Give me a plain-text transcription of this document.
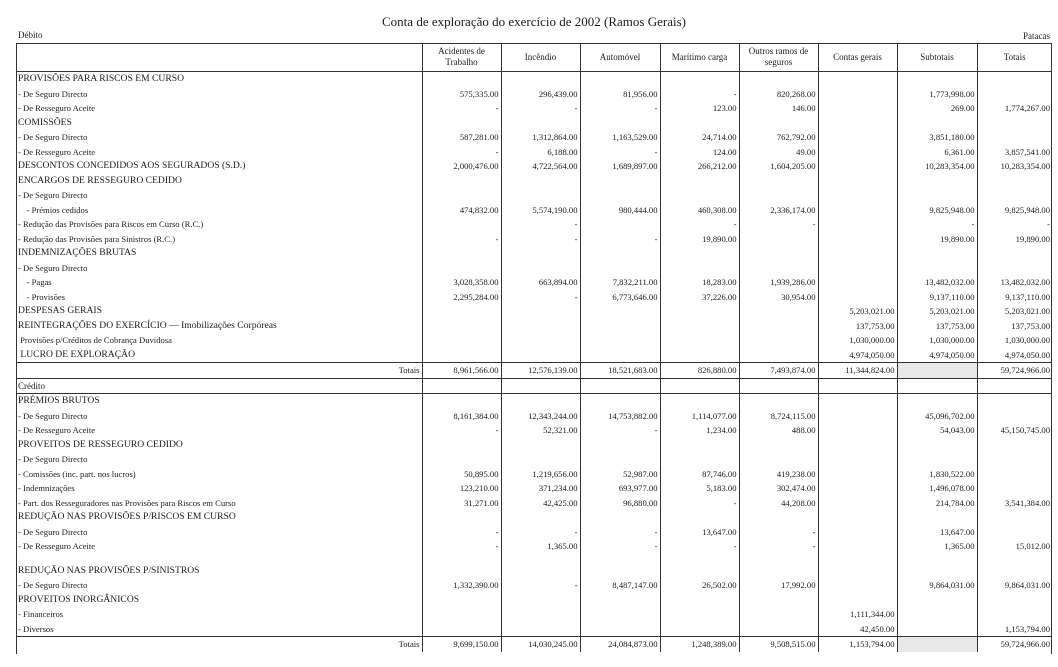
Conta de exploração do exercício de 2002 (Ramos Gerais)
Débito	Patacas
	Acidentes de Trabalho	Incêndio	Automóvel	Marítimo carga	Outros ramos de seguros	Contas gerais	Subtotais	Totais
PROVISÕES PARA RISCOS EM CURSO								
- De Seguro Directo	575,335.00	296,439.00	81,956.00	-	820,268.00		1,773,998.00	
- De Resseguro Aceite	-	-	-	123.00	146.00		269.00	1,774,267.00
COMISSÕES								
- De Seguro Directo	587,281.00	1,312,864.00	1,163,529.00	24,714.00	762,792.00		3,851,180.00	
- De Resseguro Aceite	-	6,188.00	-	124.00	49.00		6,361.00	3,857,541.00
DESCONTOS CONCEDIDOS AOS SEGURADOS (S.D.)	2,000,476.00	4,722,564.00	1,689,897.00	266,212.00	1,604,205.00		10,283,354.00	10,283,354.00
ENCARGOS DE RESSEGURO CEDIDO								
- De Seguro Directo								
- Prémios cedidos	474,832.00	5,574,190.00	980,444.00	460,308.00	2,336,174.00		9,825,948.00	9,825,948.00
- Redução das Provisões para Riscos em Curso (R.C.)		-		-	-		-	-
- Redução das Provisões para Sinistros (R.C.)	-	-	-	19,890.00			19,890.00	19,890.00
INDEMNIZAÇÕES BRUTAS								
- De Seguro Directo								
- Pagas	3,028,358.00	663,894.00	7,832,211.00	18,283.00	1,939,286.00		13,482,032.00	13,482,032.00
- Provisões	2,295,284.00	-	6,773,646.00	37,226.00	30,954.00		9,137,110.00	9,137,110.00
DESPESAS GERAIS						5,203,021.00	5,203,021.00	5,203,021.00
REINTEGRAÇÕES DO EXERCÍCIO — Imobilizações Corpóreas						137,753.00	137,753.00	137,753.00
Provisões p/Créditos de Cobrança Duvidosa						1,030,000.00	1,030,000.00	1,030,000.00
LUCRO DE EXPLORAÇÃO						4,974,050.00	4,974,050.00	4,974,050.00
Totais	8,961,566.00	12,576,139.00	18,521,683.00	826,880.00	7,493,874.00	11,344,824.00		59,724,966.00
Crédito								
PRÉMIOS BRUTOS								
- De Seguro Directo	8,161,384.00	12,343,244.00	14,753,882.00	1,114,077.00	8,724,115.00		45,096,702.00	
- De Resseguro Aceite	-	52,321.00	-	1,234.00	488.00		54,043.00	45,150,745.00
PROVEITOS DE RESSEGURO CEDIDO								
- De Seguro Directo								
- Comissões (inc. part. nos lucros)	50,895.00	1,219,656.00	52,987.00	87,746.00	419,238.00		1,830,522.00	
- Indemnizações	123,210.00	371,234.00	693,977.00	5,183.00	302,474.00		1,496,078.00	
- Part. dos Resseguradores nas Provisões para Riscos em Curso	31,271.00	42,425.00	96,880.00	-	44,208.00		214,784.00	3,541,384.00
REDUÇÃO NAS PROVISÕES P/RISCOS EM CURSO								
- De Seguro Directo	-	-	-	13,647.00	-		13,647.00	
- De Resseguro Aceite	-	1,365.00	-	-	-		1,365.00	15,012.00

REDUÇÃO NAS PROVISÕES P/SINISTROS								
- De Seguro Directo	1,332,390.00	-	8,487,147.00	26,502.00	17,992.00		9,864,031.00	9,864,031.00
PROVEITOS INORGÂNICOS								
- Financeiros						1,111,344.00		
- Diversos						42,450.00		1,153,794.00
Totais	9,699,150.00	14,030,245.00	24,084,873.00	1,248,389.00	9,508,515.00	1,153,794.00		59,724,966.00
